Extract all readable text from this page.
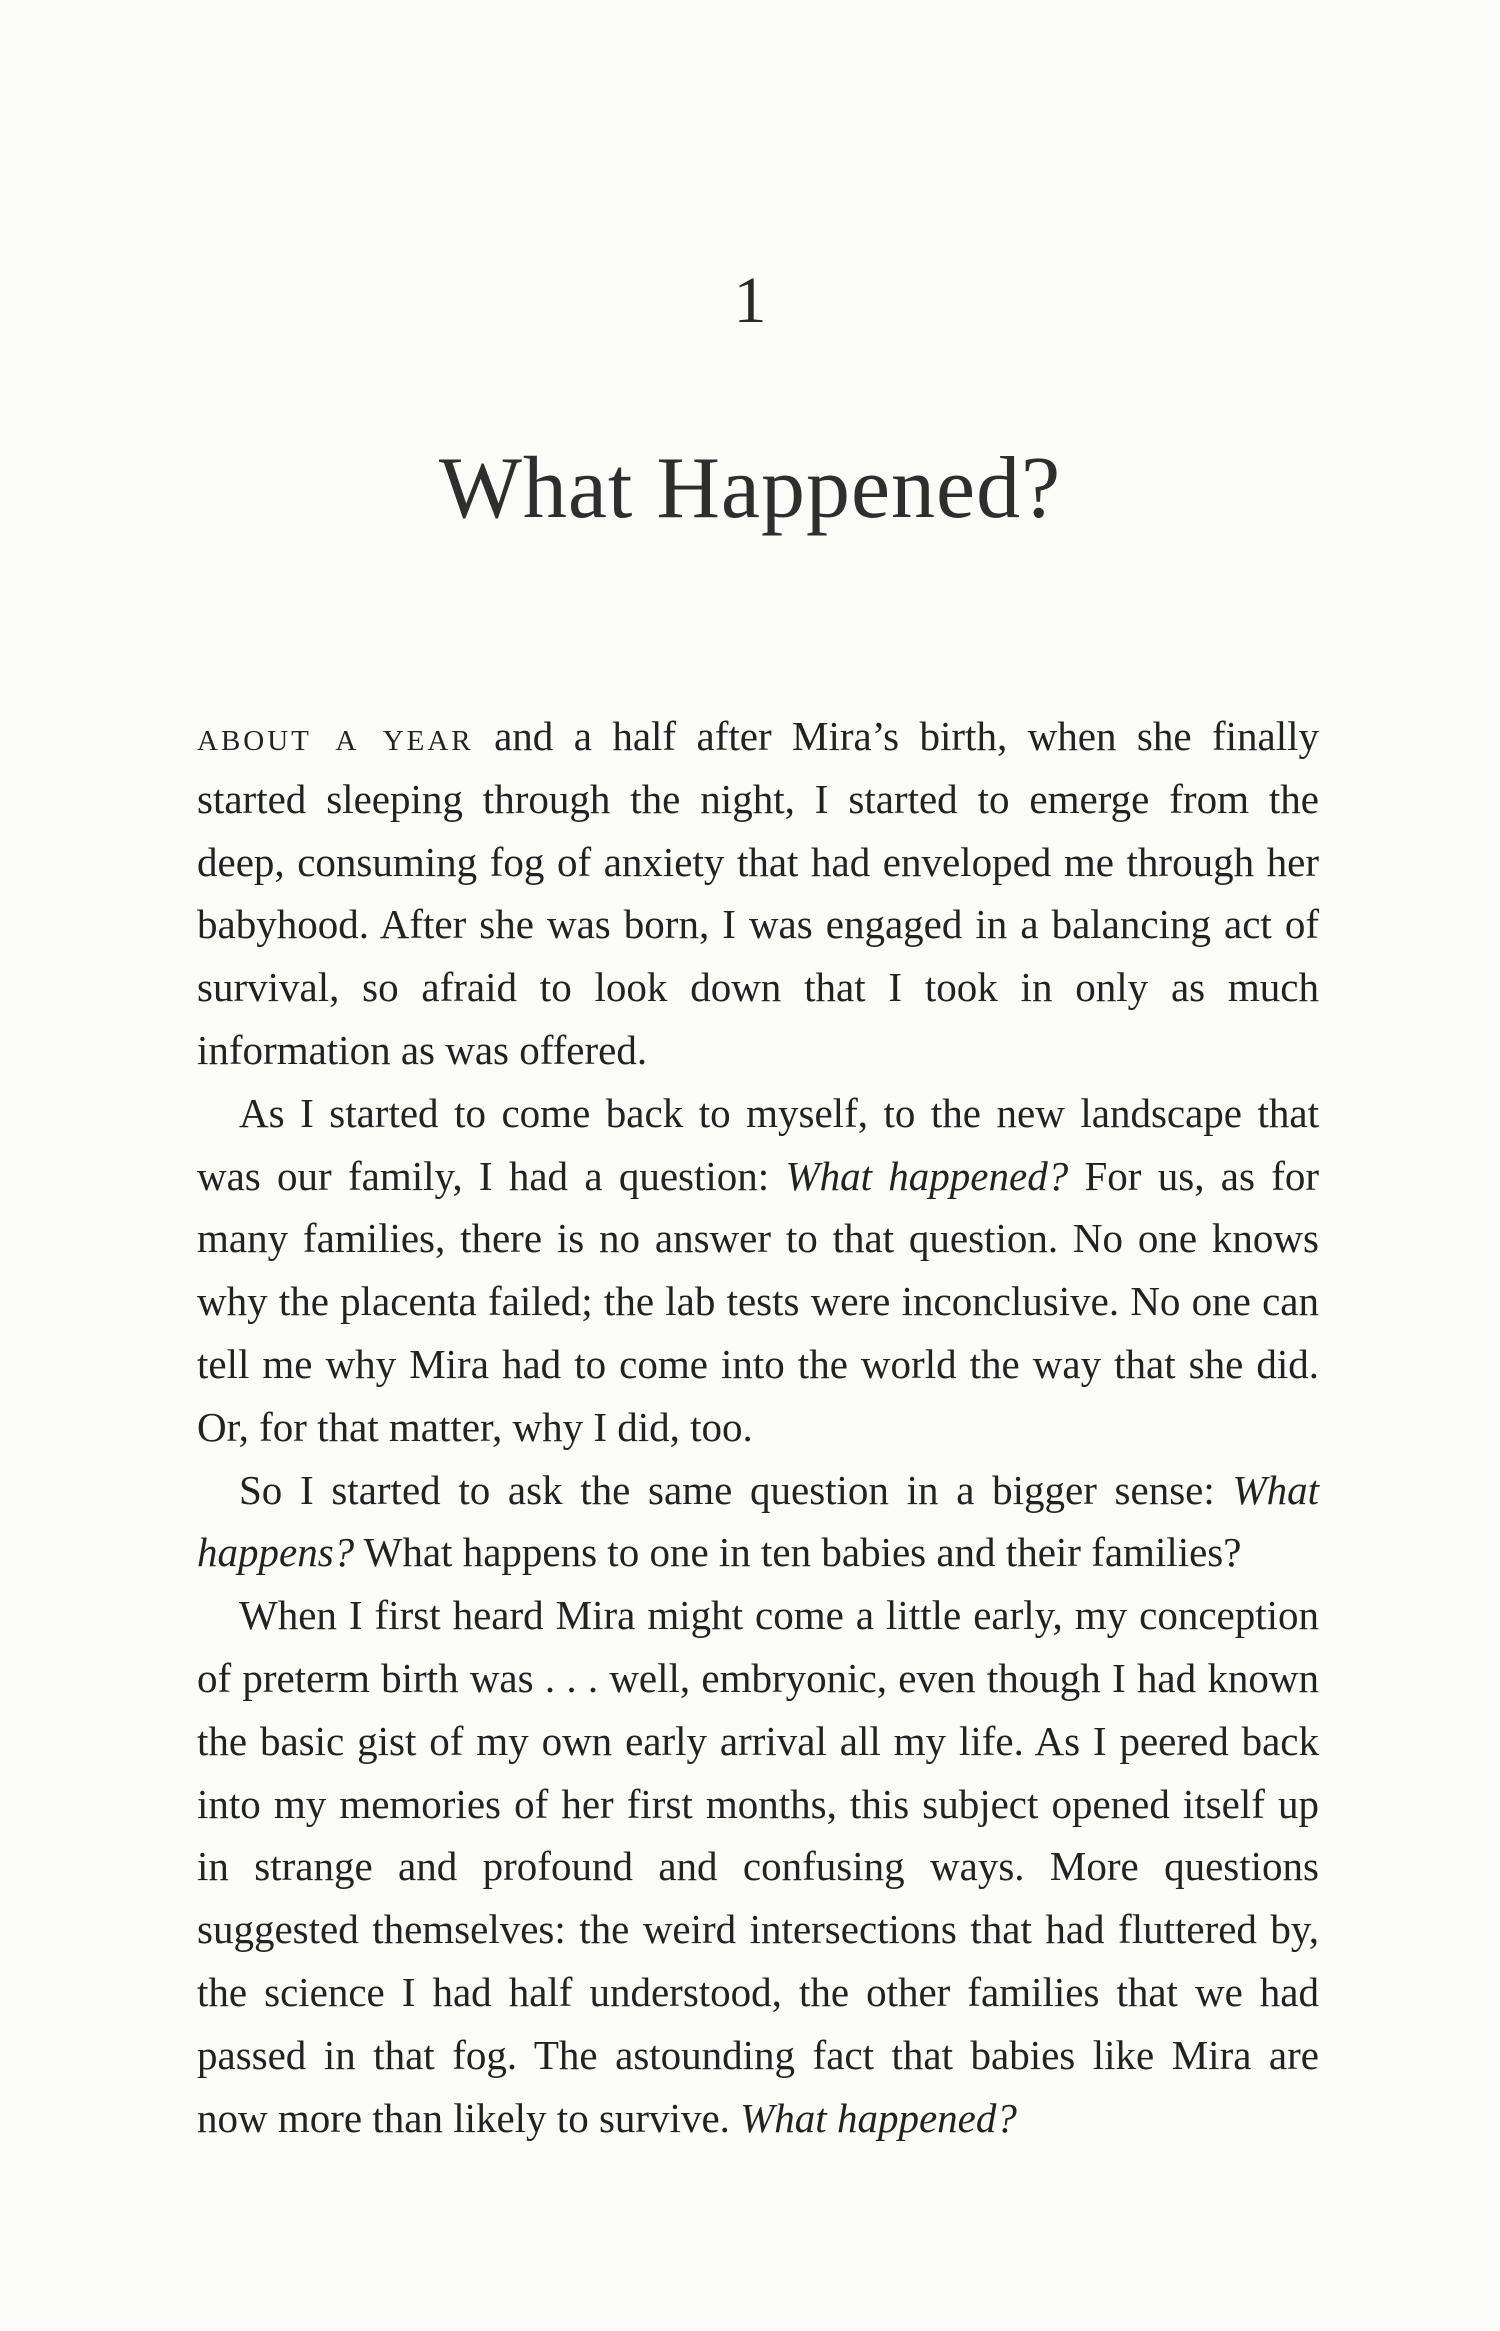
1
What Happened?

about a year and a half after Mira’s birth, when she finally started sleeping through the night, I started to emerge from the deep, consuming fog of anxiety that had enveloped me through her babyhood. After she was born, I was engaged in a balancing act of survival, so afraid to look down that I took in only as much information as was offered.

As I started to come back to myself, to the new landscape that was our family, I had a question: What happened? For us, as for many families, there is no answer to that question. No one knows why the placenta failed; the lab tests were inconclusive. No one can tell me why Mira had to come into the world the way that she did. Or, for that matter, why I did, too.

So I started to ask the same question in a bigger sense: What happens? What happens to one in ten babies and their families?

When I first heard Mira might come a little early, my conception of preterm birth was . . . well, embryonic, even though I had known the basic gist of my own early arrival all my life. As I peered back into my memories of her first months, this subject opened itself up in strange and profound and confusing ways. More questions suggested themselves: the weird intersections that had fluttered by, the science I had half understood, the other families that we had passed in that fog. The astounding fact that babies like Mira are now more than likely to survive. What happened?
